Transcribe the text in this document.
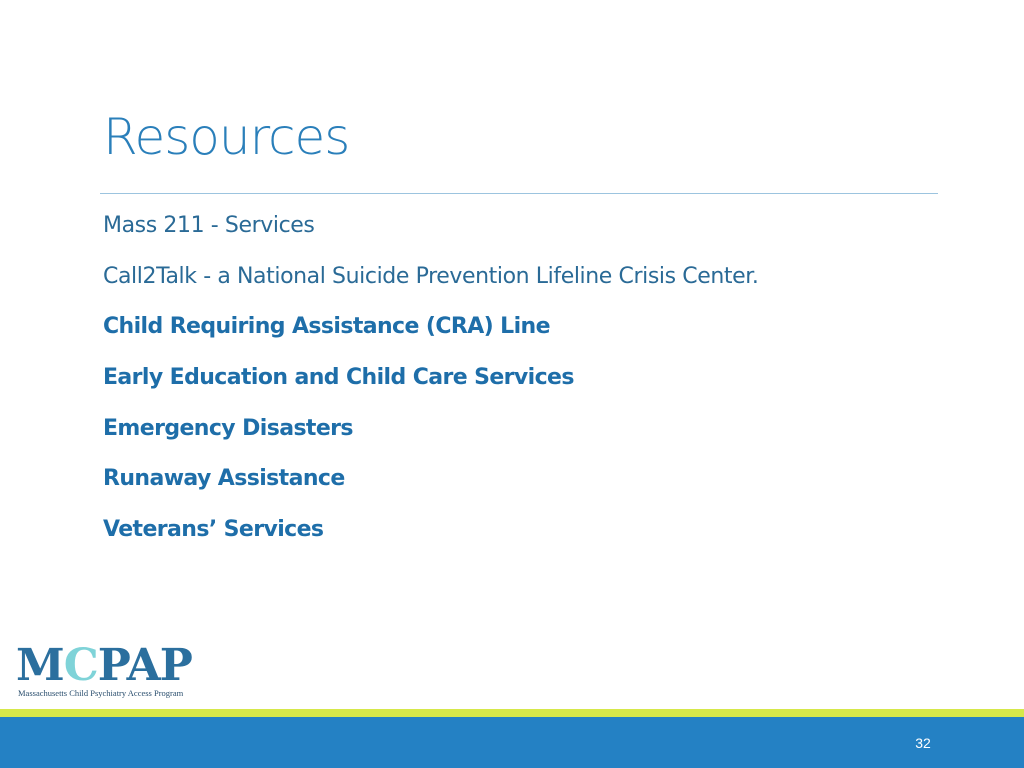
Resources
Mass 211 - Services
Call2Talk - a National Suicide Prevention Lifeline Crisis Center.
Child Requiring Assistance (CRA) Line
Early Education and Child Care Services
Emergency Disasters
Runaway Assistance
Veterans’ Services
M C PAP
Massachusetts Child Psychiatry Access Program
32
